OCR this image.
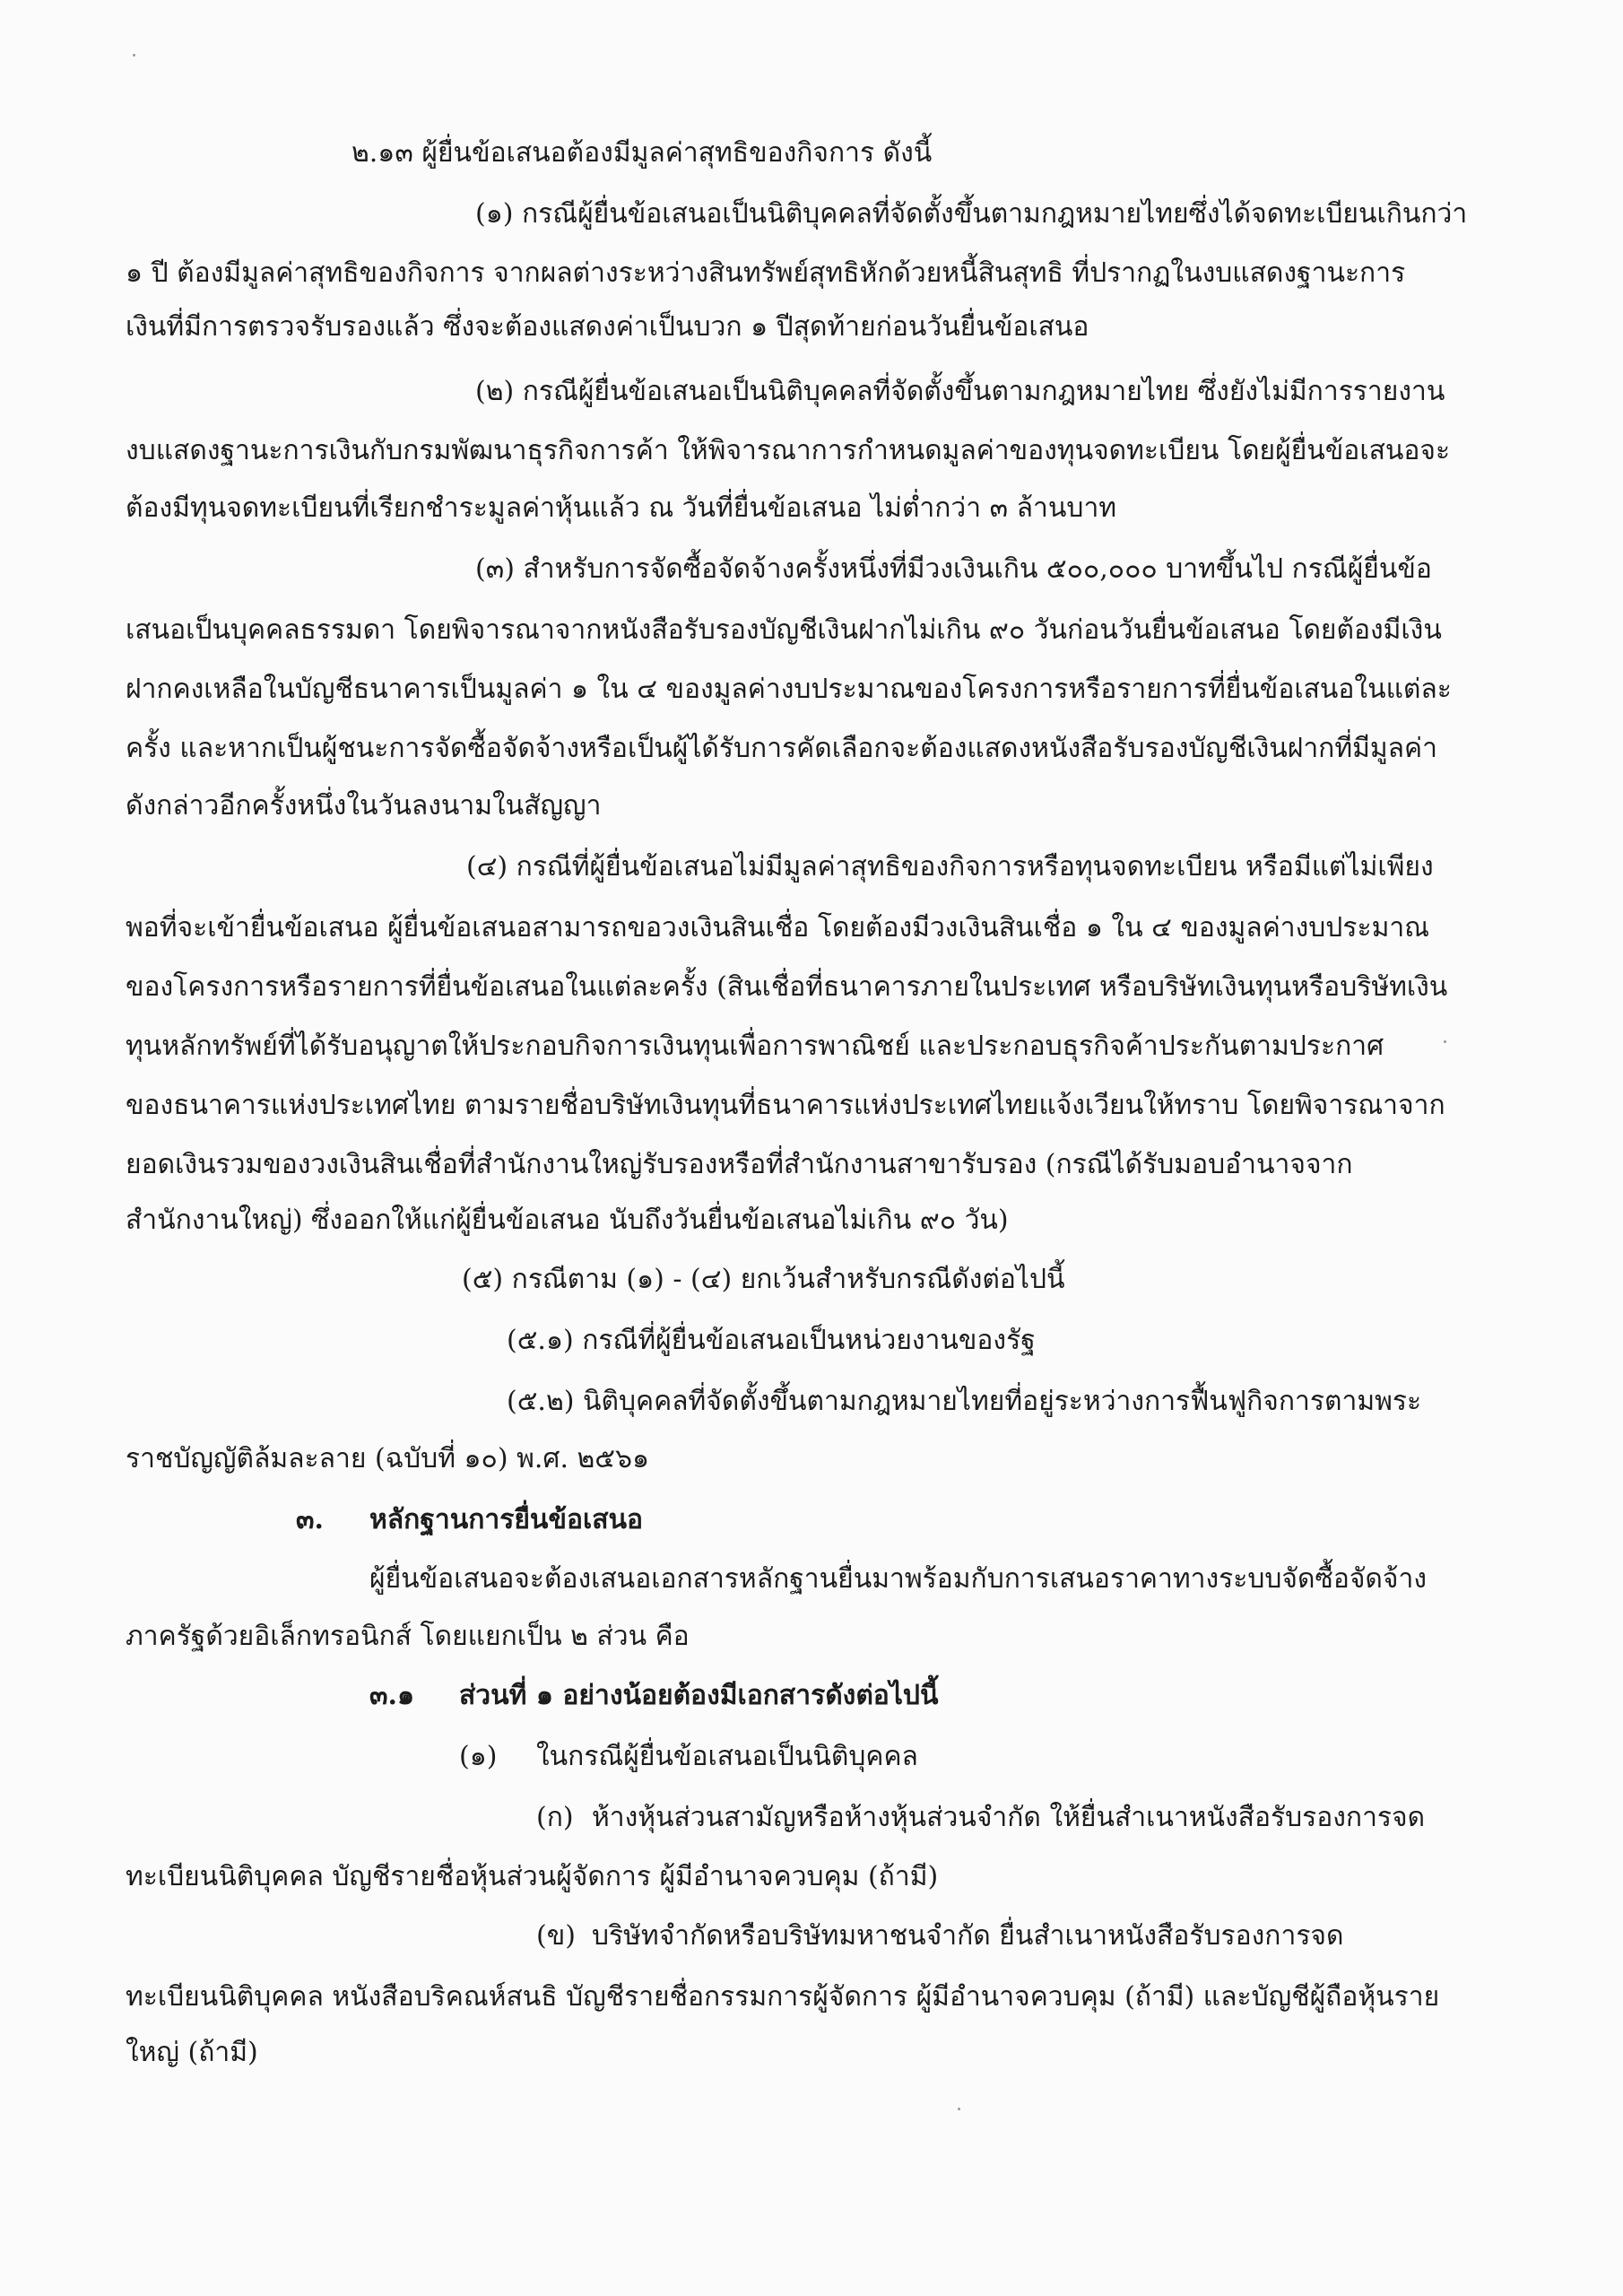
๒.๑๓ ผู้ยื่นข้อเสนอต้องมีมูลค่าสุทธิของกิจการ ดังนี้
(๑) กรณีผู้ยื่นข้อเสนอเป็นนิติบุคคลที่จัดตั้งขึ้นตามกฎหมายไทยซึ่งได้จดทะเบียนเกินกว่า
๑ ปี ต้องมีมูลค่าสุทธิของกิจการ จากผลต่างระหว่างสินทรัพย์สุทธิหักด้วยหนี้สินสุทธิ ที่ปรากฏในงบแสดงฐานะการ
เงินที่มีการตรวจรับรองแล้ว ซึ่งจะต้องแสดงค่าเป็นบวก ๑ ปีสุดท้ายก่อนวันยื่นข้อเสนอ
(๒) กรณีผู้ยื่นข้อเสนอเป็นนิติบุคคลที่จัดตั้งขึ้นตามกฎหมายไทย ซึ่งยังไม่มีการรายงาน
งบแสดงฐานะการเงินกับกรมพัฒนาธุรกิจการค้า ให้พิจารณาการกำหนดมูลค่าของทุนจดทะเบียน โดยผู้ยื่นข้อเสนอจะ
ต้องมีทุนจดทะเบียนที่เรียกชำระมูลค่าหุ้นแล้ว ณ วันที่ยื่นข้อเสนอ ไม่ต่ำกว่า ๓ ล้านบาท
(๓) สำหรับการจัดซื้อจัดจ้างครั้งหนึ่งที่มีวงเงินเกิน ๕๐๐,๐๐๐ บาทขึ้นไป กรณีผู้ยื่นข้อ
เสนอเป็นบุคคลธรรมดา โดยพิจารณาจากหนังสือรับรองบัญชีเงินฝากไม่เกิน ๙๐ วันก่อนวันยื่นข้อเสนอ โดยต้องมีเงิน
ฝากคงเหลือในบัญชีธนาคารเป็นมูลค่า ๑ ใน ๔ ของมูลค่างบประมาณของโครงการหรือรายการที่ยื่นข้อเสนอในแต่ละ
ครั้ง และหากเป็นผู้ชนะการจัดซื้อจัดจ้างหรือเป็นผู้ได้รับการคัดเลือกจะต้องแสดงหนังสือรับรองบัญชีเงินฝากที่มีมูลค่า
ดังกล่าวอีกครั้งหนึ่งในวันลงนามในสัญญา
(๔) กรณีที่ผู้ยื่นข้อเสนอไม่มีมูลค่าสุทธิของกิจการหรือทุนจดทะเบียน หรือมีแต่ไม่เพียง
พอที่จะเข้ายื่นข้อเสนอ ผู้ยื่นข้อเสนอสามารถขอวงเงินสินเชื่อ โดยต้องมีวงเงินสินเชื่อ ๑ ใน ๔ ของมูลค่างบประมาณ
ของโครงการหรือรายการที่ยื่นข้อเสนอในแต่ละครั้ง (สินเชื่อที่ธนาคารภายในประเทศ หรือบริษัทเงินทุนหรือบริษัทเงิน
ทุนหลักทรัพย์ที่ได้รับอนุญาตให้ประกอบกิจการเงินทุนเพื่อการพาณิชย์ และประกอบธุรกิจค้าประกันตามประกาศ
ของธนาคารแห่งประเทศไทย ตามรายชื่อบริษัทเงินทุนที่ธนาคารแห่งประเทศไทยแจ้งเวียนให้ทราบ โดยพิจารณาจาก
ยอดเงินรวมของวงเงินสินเชื่อที่สำนักงานใหญ่รับรองหรือที่สำนักงานสาขารับรอง (กรณีได้รับมอบอำนาจจาก
สำนักงานใหญ่) ซึ่งออกให้แก่ผู้ยื่นข้อเสนอ นับถึงวันยื่นข้อเสนอไม่เกิน ๙๐ วัน)
(๕) กรณีตาม (๑) - (๔) ยกเว้นสำหรับกรณีดังต่อไปนี้
(๕.๑) กรณีที่ผู้ยื่นข้อเสนอเป็นหน่วยงานของรัฐ
(๕.๒) นิติบุคคลที่จัดตั้งขึ้นตามกฎหมายไทยที่อยู่ระหว่างการฟื้นฟูกิจการตามพระ
ราชบัญญัติล้มละลาย (ฉบับที่ ๑๐) พ.ศ. ๒๕๖๑
๓. หลักฐานการยื่นข้อเสนอ
ผู้ยื่นข้อเสนอจะต้องเสนอเอกสารหลักฐานยื่นมาพร้อมกับการเสนอราคาทางระบบจัดซื้อจัดจ้าง
ภาครัฐด้วยอิเล็กทรอนิกส์ โดยแยกเป็น ๒ ส่วน คือ
๓.๑ ส่วนที่ ๑ อย่างน้อยต้องมีเอกสารดังต่อไปนี้
(๑) ในกรณีผู้ยื่นข้อเสนอเป็นนิติบุคคล
(ก) ห้างหุ้นส่วนสามัญหรือห้างหุ้นส่วนจำกัด ให้ยื่นสำเนาหนังสือรับรองการจด
ทะเบียนนิติบุคคล บัญชีรายชื่อหุ้นส่วนผู้จัดการ ผู้มีอำนาจควบคุม (ถ้ามี)
(ข) บริษัทจำกัดหรือบริษัทมหาชนจำกัด ยื่นสำเนาหนังสือรับรองการจด
ทะเบียนนิติบุคคล หนังสือบริคณห์สนธิ บัญชีรายชื่อกรรมการผู้จัดการ ผู้มีอำนาจควบคุม (ถ้ามี) และบัญชีผู้ถือหุ้นราย
ใหญ่ (ถ้ามี)
